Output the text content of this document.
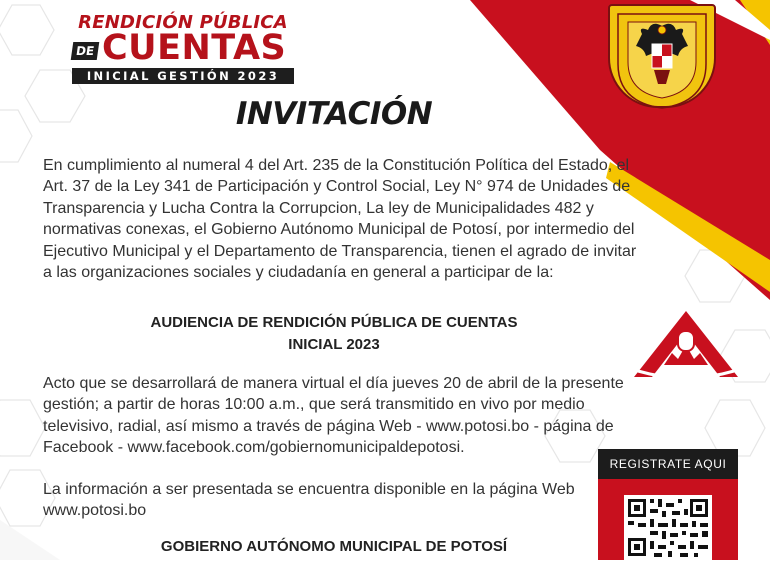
RENDICIÓN PÚBLICA
CUENTAS
DE
INICIAL GESTIÓN 2023
INVITACIÓN

En cumplimiento al numeral 4 del Art. 235 de la Constitución Política del Estado, el Art. 37 de la Ley 341 de Participación y Control Social, Ley N° 974 de Unidades de Transparencia y Lucha Contra la Corrupcion, La ley de Municipalidades 482 y normativas conexas, el Gobierno Autónomo Municipal de Potosí, por intermedio del Ejecutivo Municipal y el Departamento de Transparencia, tienen el agrado de invitar a las organizaciones sociales y ciudadanía en general a participar de la:

AUDIENCIA DE RENDICIÓN PÚBLICA DE CUENTAS
INICIAL 2023

Acto que se desarrollará de manera virtual el día jueves 20 de abril de la presente gestión; a partir de horas 10:00 a.m., que será transmitido en vivo por medio televisivo, radial, así mismo a través de página Web - www.potosi.bo - página de Facebook - www.facebook.com/gobiernomunicipaldepotosi.

La información a ser presentada se encuentra disponible en la página Web www.potosi.bo

GOBIERNO AUTÓNOMO MUNICIPAL DE POTOSÍ
REGISTRATE AQUI
